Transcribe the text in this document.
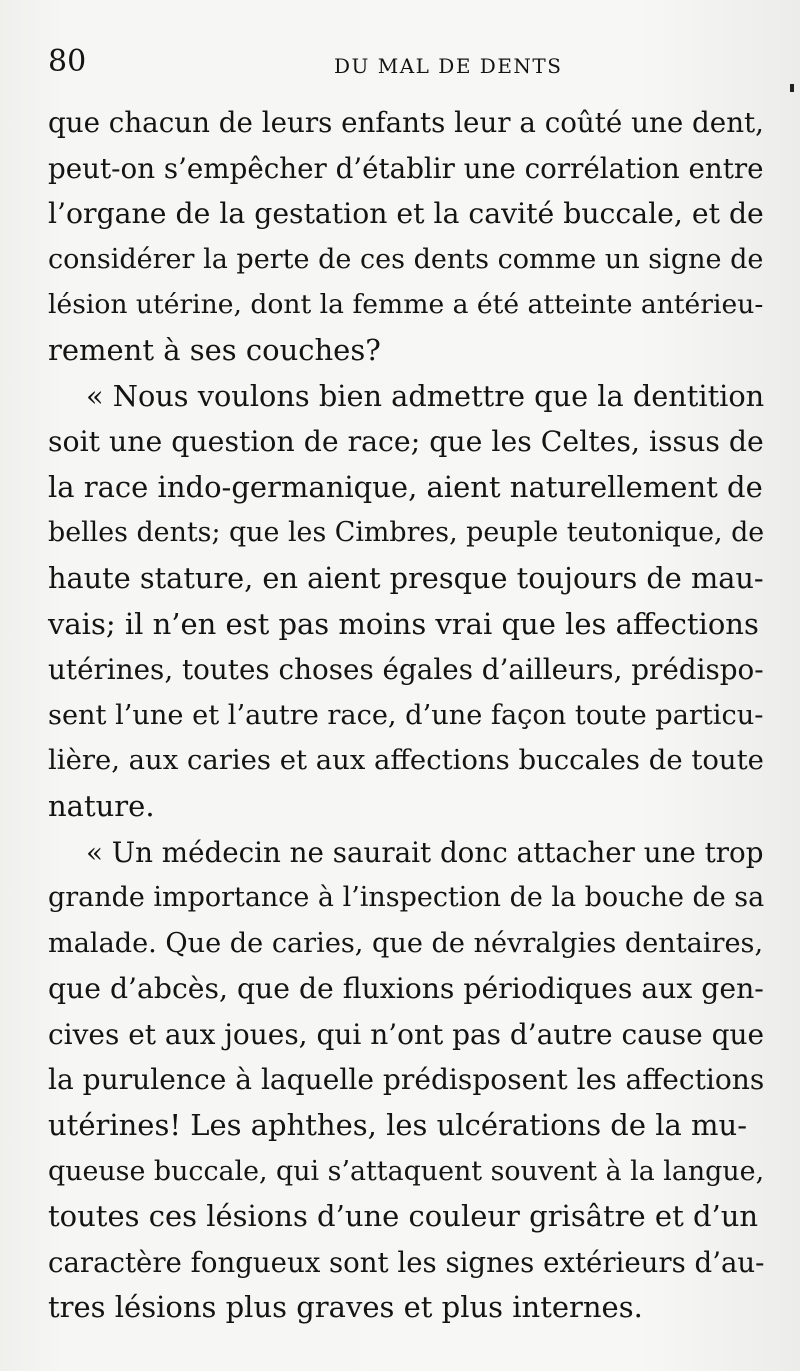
80	DU MAL DE DENTS
que chacun de leurs enfants leur a coûté une dent,
peut-on s’empêcher d’établir une corrélation entre
l’organe de la gestation et la cavité buccale, et de
considérer la perte de ces dents comme un signe de
lésion utérine, dont la femme a été atteinte antérieu-
rement à ses couches?
« Nous voulons bien admettre que la dentition
soit une question de race; que les Celtes, issus de
la race indo-germanique, aient naturellement de
belles dents; que les Cimbres, peuple teutonique, de
haute stature, en aient presque toujours de mau-
vais; il n’en est pas moins vrai que les affections
utérines, toutes choses égales d’ailleurs, prédispo-
sent l’une et l’autre race, d’une façon toute particu-
lière, aux caries et aux affections buccales de toute
nature.
« Un médecin ne saurait donc attacher une trop
grande importance à l’inspection de la bouche de sa
malade. Que de caries, que de névralgies dentaires,
que d’abcès, que de fluxions périodiques aux gen-
cives et aux joues, qui n’ont pas d’autre cause que
la purulence à laquelle prédisposent les affections
utérines! Les aphthes, les ulcérations de la mu-
queuse buccale, qui s’attaquent souvent à la langue,
toutes ces lésions d’une couleur grisâtre et d’un
caractère fongueux sont les signes extérieurs d’au-
tres lésions plus graves et plus internes.
